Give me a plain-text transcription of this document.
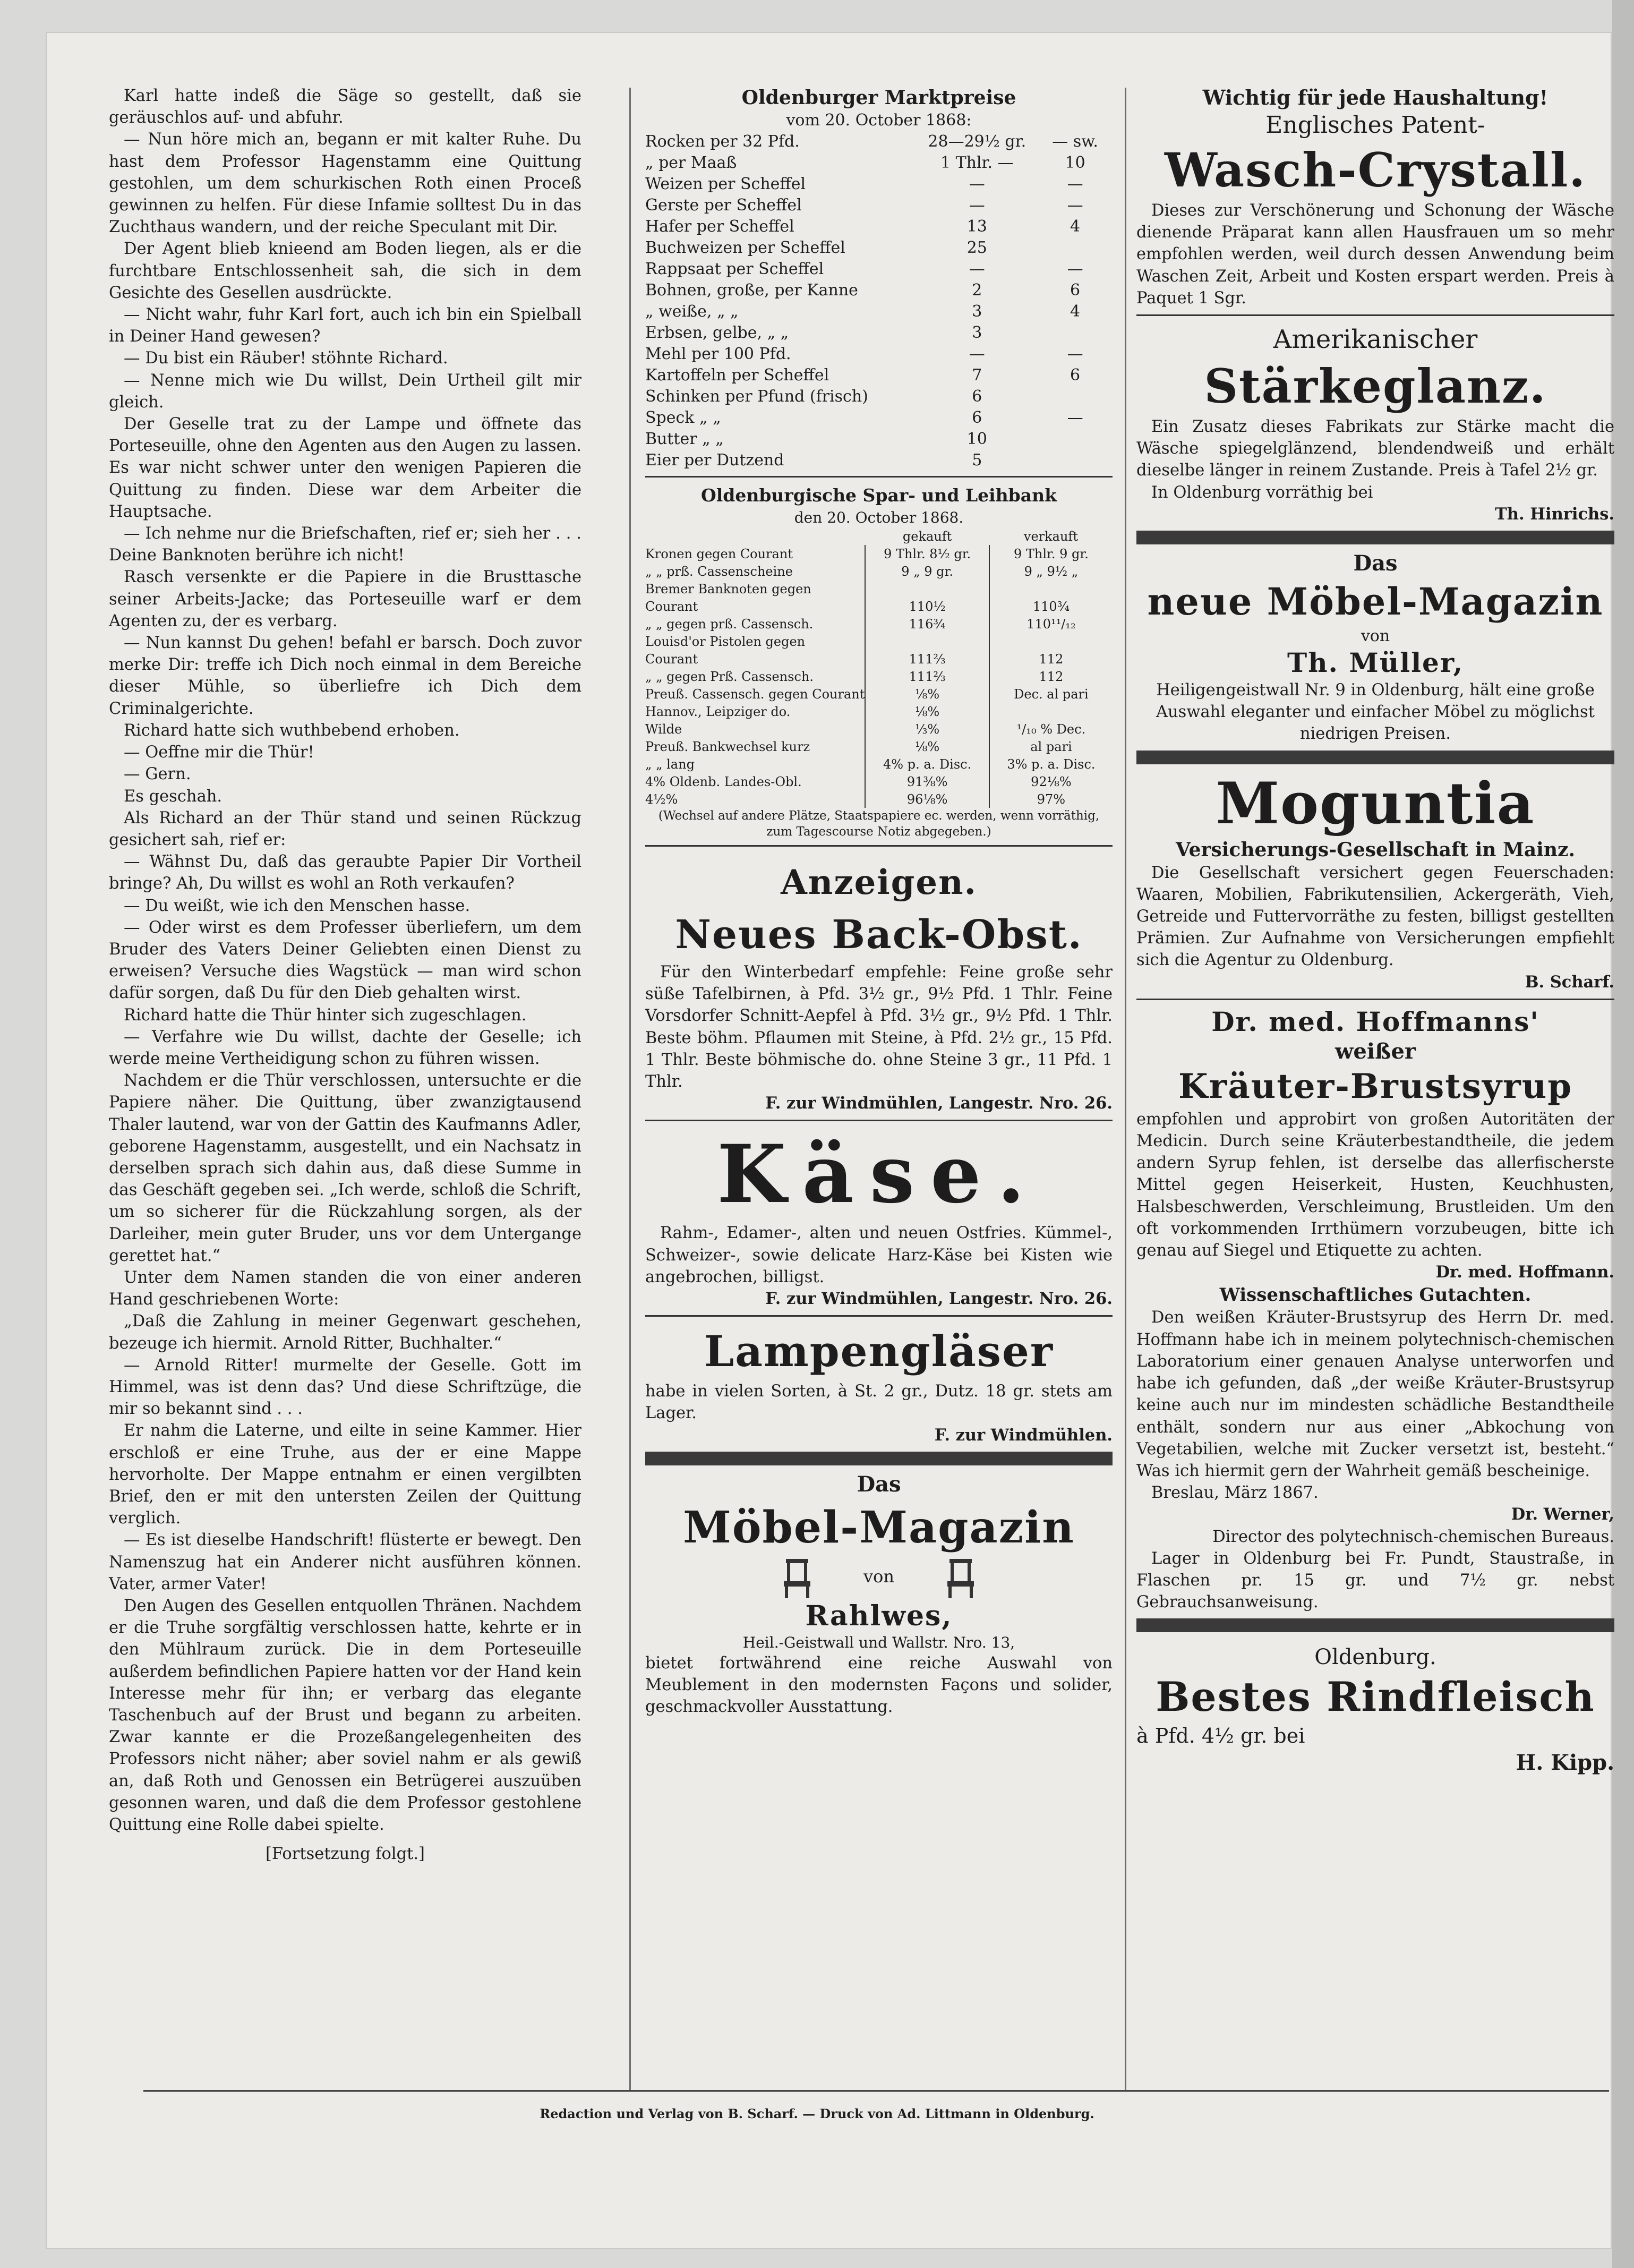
Karl hatte indeß die Säge so gestellt, daß sie geräuschlos auf- und abfuhr.

— Nun höre mich an, begann er mit kalter Ruhe. Du hast dem Professor Hagenstamm eine Quittung gestohlen, um dem schurkischen Roth einen Proceß gewinnen zu helfen. Für diese Infamie solltest Du in das Zuchthaus wandern, und der reiche Speculant mit Dir.

Der Agent blieb knieend am Boden liegen, als er die furchtbare Entschlossenheit sah, die sich in dem Gesichte des Gesellen ausdrückte.

— Nicht wahr, fuhr Karl fort, auch ich bin ein Spielball in Deiner Hand gewesen?

— Du bist ein Räuber! stöhnte Richard.

— Nenne mich wie Du willst, Dein Urtheil gilt mir gleich.

Der Geselle trat zu der Lampe und öffnete das Porteseuille, ohne den Agenten aus den Augen zu lassen. Es war nicht schwer unter den wenigen Papieren die Quittung zu finden. Diese war dem Arbeiter die Hauptsache.

— Ich nehme nur die Briefschaften, rief er; sieh her . . . Deine Banknoten berühre ich nicht!

Rasch versenkte er die Papiere in die Brusttasche seiner Arbeits-Jacke; das Porteseuille warf er dem Agenten zu, der es verbarg.

— Nun kannst Du gehen! befahl er barsch. Doch zuvor merke Dir: treffe ich Dich noch einmal in dem Bereiche dieser Mühle, so überliefre ich Dich dem Criminalgerichte.

Richard hatte sich wuthbebend erhoben.

— Oeffne mir die Thür!

— Gern.

Es geschah.

Als Richard an der Thür stand und seinen Rückzug gesichert sah, rief er:

— Wähnst Du, daß das geraubte Papier Dir Vortheil bringe? Ah, Du willst es wohl an Roth verkaufen?

— Du weißt, wie ich den Menschen hasse.

— Oder wirst es dem Professer überliefern, um dem Bruder des Vaters Deiner Geliebten einen Dienst zu erweisen? Versuche dies Wagstück — man wird schon dafür sorgen, daß Du für den Dieb gehalten wirst.

Richard hatte die Thür hinter sich zugeschlagen.

— Verfahre wie Du willst, dachte der Geselle; ich werde meine Vertheidigung schon zu führen wissen.

Nachdem er die Thür verschlossen, untersuchte er die Papiere näher. Die Quittung, über zwanzigtausend Thaler lautend, war von der Gattin des Kaufmanns Adler, geborene Hagenstamm, ausgestellt, und ein Nachsatz in derselben sprach sich dahin aus, daß diese Summe in das Geschäft gegeben sei. „Ich werde, schloß die Schrift, um so sicherer für die Rückzahlung sorgen, als der Darleiher, mein guter Bruder, uns vor dem Untergange gerettet hat.“

Unter dem Namen standen die von einer anderen Hand geschriebenen Worte:

„Daß die Zahlung in meiner Gegenwart geschehen, bezeuge ich hiermit. Arnold Ritter, Buchhalter.“

— Arnold Ritter! murmelte der Geselle. Gott im Himmel, was ist denn das? Und diese Schriftzüge, die mir so bekannt sind . . .

Er nahm die Laterne, und eilte in seine Kammer. Hier erschloß er eine Truhe, aus der er eine Mappe hervorholte. Der Mappe entnahm er einen vergilbten Brief, den er mit den untersten Zeilen der Quittung verglich.

— Es ist dieselbe Handschrift! flüsterte er bewegt. Den Namenszug hat ein Anderer nicht ausführen können. Vater, armer Vater!

Den Augen des Gesellen entquollen Thränen. Nachdem er die Truhe sorgfältig verschlossen hatte, kehrte er in den Mühlraum zurück. Die in dem Porteseuille außerdem befindlichen Papiere hatten vor der Hand kein Interesse mehr für ihn; er verbarg das elegante Taschenbuch auf der Brust und begann zu arbeiten. Zwar kannte er die Prozeßangelegenheiten des Professors nicht näher; aber soviel nahm er als gewiß an, daß Roth und Genossen ein Betrügerei auszuüben gesonnen waren, und daß die dem Professor gestohlene Quittung eine Rolle dabei spielte.

[Fortsetzung folgt.]

Oldenburger Marktpreise
vom 20. October 1868:
Rocken per 32 Pfd.	28—29½ gr.	— sw.
„ per Maaß	1 Thlr. —	10
Weizen per Scheffel	—	—
Gerste per Scheffel	—	—
Hafer per Scheffel	13	4
Buchweizen per Scheffel	25	
Rappsaat per Scheffel	—	—
Bohnen, große, per Kanne	2	6
„ weiße, „ „	3	4
Erbsen, gelbe, „ „	3	
Mehl per 100 Pfd.	—	—
Kartoffeln per Scheffel	7	6
Schinken per Pfund (frisch)	6	
Speck „ „	6	—
Butter „ „	10	
Eier per Dutzend	5	
Oldenburgische Spar- und Leihbank
den 20. October 1868.
	gekauft	verkauft
Kronen gegen Courant	9 Thlr. 8½ gr.	9 Thlr. 9 gr.
„ „ prß. Cassenscheine	9 „ 9 gr.	9 „ 9½ „
Bremer Banknoten gegen		
Courant	110½	110¾
„ „ gegen prß. Cassensch.	116¾	110¹¹/₁₂
Louisd'or Pistolen gegen		
Courant	111⅔	112
„ „ gegen Prß. Cassensch.	111⅔	112
Preuß. Cassensch. gegen Courant	⅛%	Dec. al pari
Hannov., Leipziger do.	⅛%	
Wilde	⅓%	¹/₁₀ % Dec.
Preuß. Bankwechsel kurz	⅛%	al pari
„ „ lang	4% p. a. Disc.	3% p. a. Disc.
4% Oldenb. Landes-Obl.	91⅜%	92⅛%
4½%	96⅛%	97%
(Wechsel auf andere Plätze, Staatspapiere ec. werden, wenn vorräthig, zum Tagescourse Notiz abgegeben.)
Anzeigen.
Neues Back-Obst.

Für den Winterbedarf empfehle: Feine große sehr süße Tafelbirnen, à Pfd. 3½ gr., 9½ Pfd. 1 Thlr. Feine Vorsdorfer Schnitt-Aepfel à Pfd. 3½ gr., 9½ Pfd. 1 Thlr. Beste böhm. Pflaumen mit Steine, à Pfd. 2½ gr., 15 Pfd. 1 Thlr. Beste böhmische do. ohne Steine 3 gr., 11 Pfd. 1 Thlr.

F. zur Windmühlen, Langestr. Nro. 26.

Käse.

Rahm-, Edamer-, alten und neuen Ostfries. Kümmel-, Schweizer-, sowie delicate Harz-Käse bei Kisten wie angebrochen, billigst.

F. zur Windmühlen, Langestr. Nro. 26.

Lampengläser

habe in vielen Sorten, à St. 2 gr., Dutz. 18 gr. stets am Lager.

F. zur Windmühlen.

Das
Möbel-Magazin
von
Rahlwes,
Heil.-Geistwall und Wallstr. Nro. 13,

bietet fortwährend eine reiche Auswahl von Meublement in den modernsten Façons und solider, geschmackvoller Ausstattung.

Wichtig für jede Haushaltung!
Englisches Patent-
Wasch-Crystall.

Dieses zur Verschönerung und Schonung der Wäsche dienende Präparat kann allen Hausfrauen um so mehr empfohlen werden, weil durch dessen Anwendung beim Waschen Zeit, Arbeit und Kosten erspart werden. Preis à Paquet 1 Sgr.

Amerikanischer
Stärkeglanz.

Ein Zusatz dieses Fabrikats zur Stärke macht die Wäsche spiegelglänzend, blendendweiß und erhält dieselbe länger in reinem Zustande. Preis à Tafel 2½ gr.

In Oldenburg vorräthig bei

Th. Hinrichs.

Das
neue Möbel-Magazin
von
Th. Müller,

Heiligengeistwall Nr. 9 in Oldenburg, hält eine große Auswahl eleganter und einfacher Möbel zu möglichst niedrigen Preisen.

Moguntia
Versicherungs-Gesellschaft in Mainz.

Die Gesellschaft versichert gegen Feuerschaden: Waaren, Mobilien, Fabrikutensilien, Ackergeräth, Vieh, Getreide und Futtervorräthe zu festen, billigst gestellten Prämien. Zur Aufnahme von Versicherungen empfiehlt sich die Agentur zu Oldenburg.

B. Scharf.

Dr. med. Hoffmanns'
weißer
Kräuter-Brustsyrup

empfohlen und approbirt von großen Autoritäten der Medicin. Durch seine Kräuterbestandtheile, die jedem andern Syrup fehlen, ist derselbe das allerfischerste Mittel gegen Heiserkeit, Husten, Keuchhusten, Halsbeschwerden, Verschleimung, Brustleiden. Um den oft vorkommenden Irrthümern vorzubeugen, bitte ich genau auf Siegel und Etiquette zu achten.

Dr. med. Hoffmann.

Wissenschaftliches Gutachten.

Den weißen Kräuter-Brustsyrup des Herrn Dr. med. Hoffmann habe ich in meinem polytechnisch-chemischen Laboratorium einer genauen Analyse unterworfen und habe ich gefunden, daß „der weiße Kräuter-Brustsyrup keine auch nur im mindesten schädliche Bestandtheile enthält, sondern nur aus einer „Abkochung von Vegetabilien, welche mit Zucker versetzt ist, besteht.“ Was ich hiermit gern der Wahrheit gemäß bescheinige.

Breslau, März 1867.

Dr. Werner,

Director des polytechnisch-chemischen Bureaus.

Lager in Oldenburg bei Fr. Pundt, Staustraße, in Flaschen pr. 15 gr. und 7½ gr. nebst Gebrauchsanweisung.

Oldenburg.
Bestes Rindfleisch

à Pfd. 4½ gr. bei

H. Kipp.

Redaction und Verlag von B. Scharf. — Druck von Ad. Littmann in Oldenburg.
